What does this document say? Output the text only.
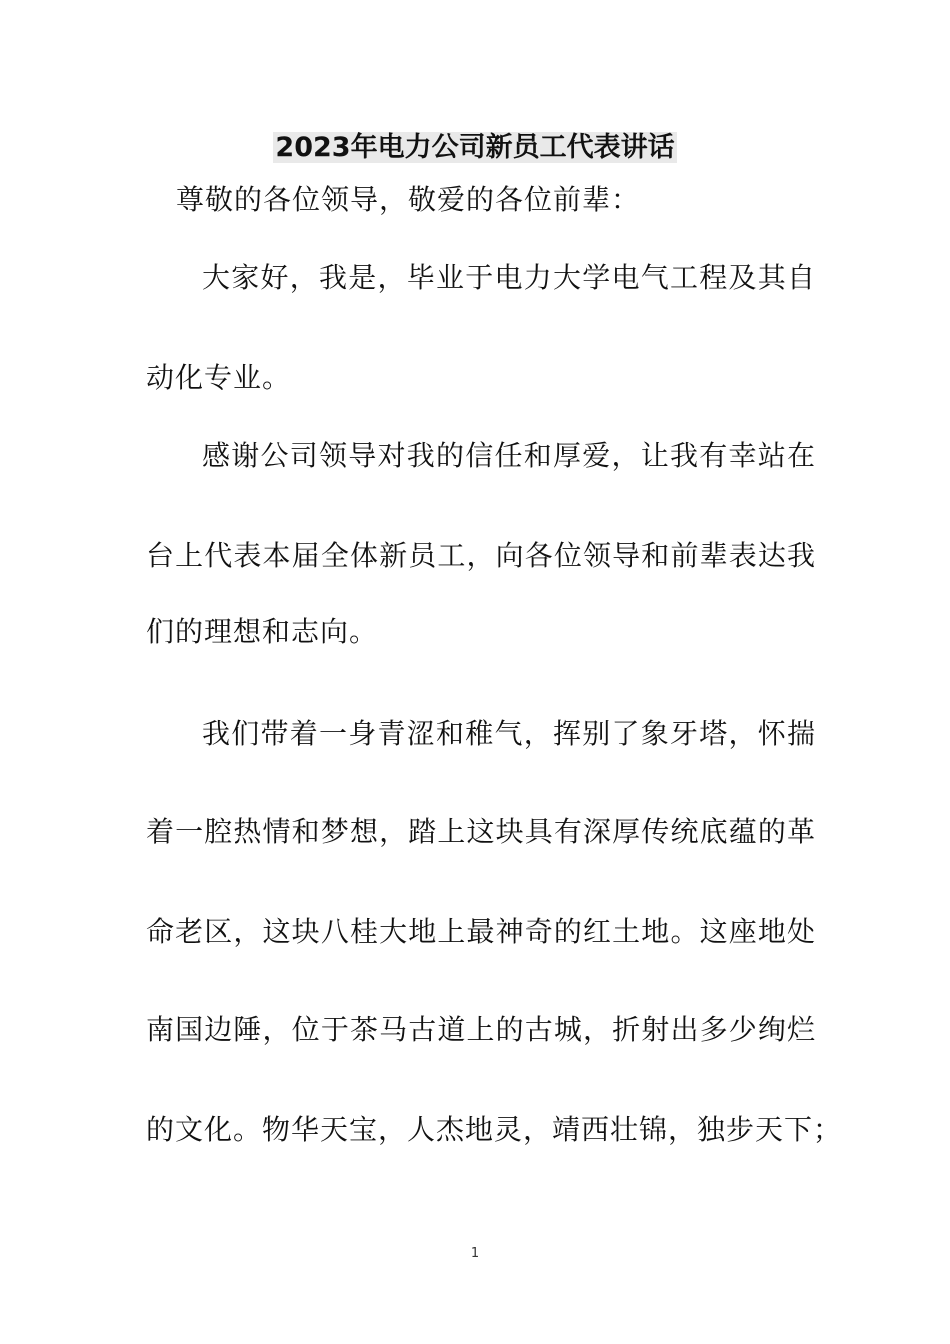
2023年电力公司新员工代表讲话
尊敬的各位领导，敬爱的各位前辈：
大家好，我是，毕业于电力大学电气工程及其自
动化专业。
感谢公司领导对我的信任和厚爱，让我有幸站在
台上代表本届全体新员工，向各位领导和前辈表达我
们的理想和志向。
我们带着一身青涩和稚气，挥别了象牙塔，怀揣
着一腔热情和梦想，踏上这块具有深厚传统底蕴的革
命老区，这块八桂大地上最神奇的红土地。这座地处
南国边陲，位于茶马古道上的古城，折射出多少绚烂
的文化。物华天宝，人杰地灵，靖西壮锦，独步天下；
1
